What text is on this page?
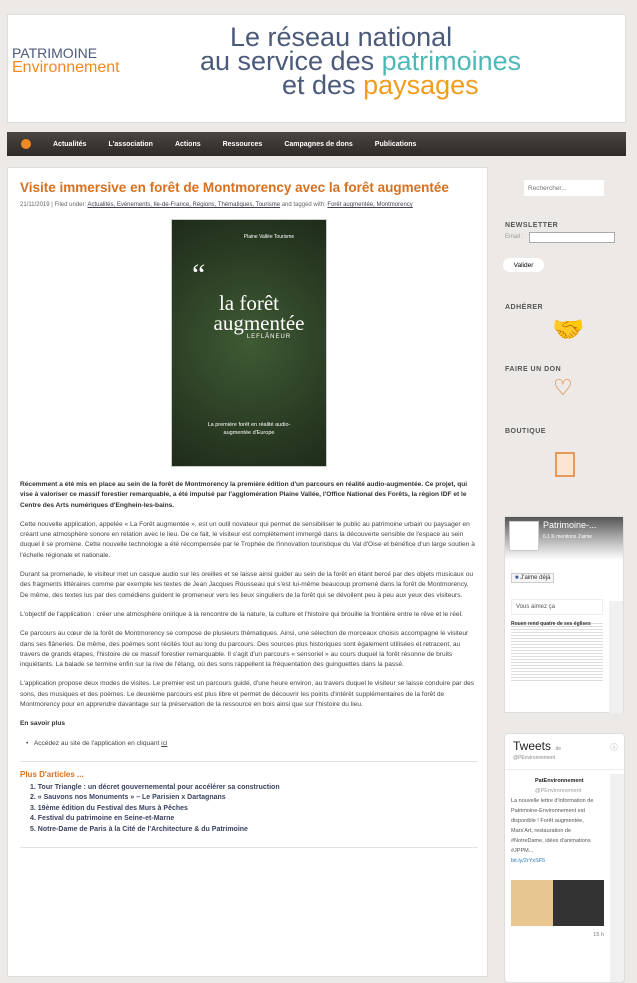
PATRIMOINE
Environnement
Le réseau national
au service des patrimoines
et des paysages
Actualités	L'association	Actions	Ressources	Campagnes de dons	Publications
Visite immersive en forêt de Montmorency avec la forêt augmentée
21/11/2019 | Filed under: Actualités, Evénements, Ile-de-France, Régions, Thématiques, Tourisme and tagged with: Forêt augmentée, Montmorency
Plaine Vallée Tourisme
“
la forêt
augmentée
LEFLÂNEUR
La première forêt en réalité audio-augmentée d'Europe
Récemment a été mis en place au sein de la forêt de Montmorency la première édition d'un parcours en réalité audio-augmentée. Ce projet, qui vise à valoriser ce massif forestier remarquable, a été impulsé par l'agglomération Plaine Vallée, l'Office National des Forêts, la région IDF et le Centre des Arts numériques d'Enghein-les-bains.
Cette nouvelle application, appelée « La Forêt augmentée », est un outil novateur qui permet de sensibiliser le public au patrimoine urbain ou paysager en créant une atmosphère sonore en relation avec le lieu. De ce fait, le visiteur est complètement immergé dans la découverte sensible de l'espace au sein duquel il se promène. Cette nouvelle technologie a été récompensée par le Trophée de l'innovation touristique du Val d'Oise et bénéfice d'un large soutien à l'échelle régionale et nationale.
Durant sa promenade, le visiteur met un casque audio sur les oreilles et se laisse ainsi guider au sein de la forêt en étant bercé par des objets musicaux ou des fragments littéraires comme par exemple les textes de Jean Jacques Rousseau qui s'est lui-même beaucoup promené dans la forêt de Montmorency. De même, des textes lus par des comédiens guident le promeneur vers les lieux singuliers de la forêt qui se dévoilent peu à peu aux yeux des visiteurs.
L'objectif de l'application : créer une atmosphère onirique à la rencontre de la nature, la culture et l'histoire qui brouille la frontière entre le rêve et le réel.
Ce parcours au cœur de la forêt de Montmorency se compose de plusieurs thématiques. Ainsi, une sélection de morceaux choisis accompagne le visiteur dans ses flâneries. De même, des poèmes sont récités tout au long du parcours. Des sources plus historiques sont également utilisées et retracent, au travers de grands étapes, l'histoire de ce massif forestier remarquable. Il s'agit d'un parcours « sensoriel » au cours duquel la forêt résonne de bruits inquiétants. La balade se termine enfin sur la rive de l'étang, où des sons rappellent la fréquentation des guinguettes dans la passé.
L'application propose deux modes de visites. Le premier est un parcours guidé, d'une heure environ, au travers duquel le visiteur se laisse conduire par des sons, des musiques et des poèmes. Le deuxième parcours est plus libre et permet de découvrir les points d'intérêt supplémentaires de la forêt de Montmorency pour en apprendre davantage sur la préservation de la ressource en bois ainsi que sur l'histoire du lieu.
En savoir plus
•   Accédez au site de l'application en cliquant ici
Plus D'articles ...
1. Tour Triangle : un décret gouvernemental pour accélérer sa construction
2. « Sauvons nos Monuments » – Le Parisien x Dartagnans
3. 19ème édition du Festival des Murs à Pêches
4. Festival du patrimoine en Seine-et-Marne
5. Notre-Dame de Paris à la Cité de l'Architecture & du Patrimoine
Rechercher...
NEWSLETTER
Email :
Valider
ADHÉRER
🤝
FAIRE UN DON
♡
BOUTIQUE
Patrimoine-...
6,1 K mentions J'aime
■ J'aime déjà
Vous aimez ça
Rouen rend quatre de ses églises
Tweets de
@PEnvironnement
ⓘ
PatEnvironnement
@PEnvironnement
La nouvelle lettre d'information de Patrimoine-Environnement est disponible ! Forêt augmentée, Mars'Art, restauration de #NotreDame, idées d'animations #JPPM...
bit.ly/2rYxSF5
15 h
